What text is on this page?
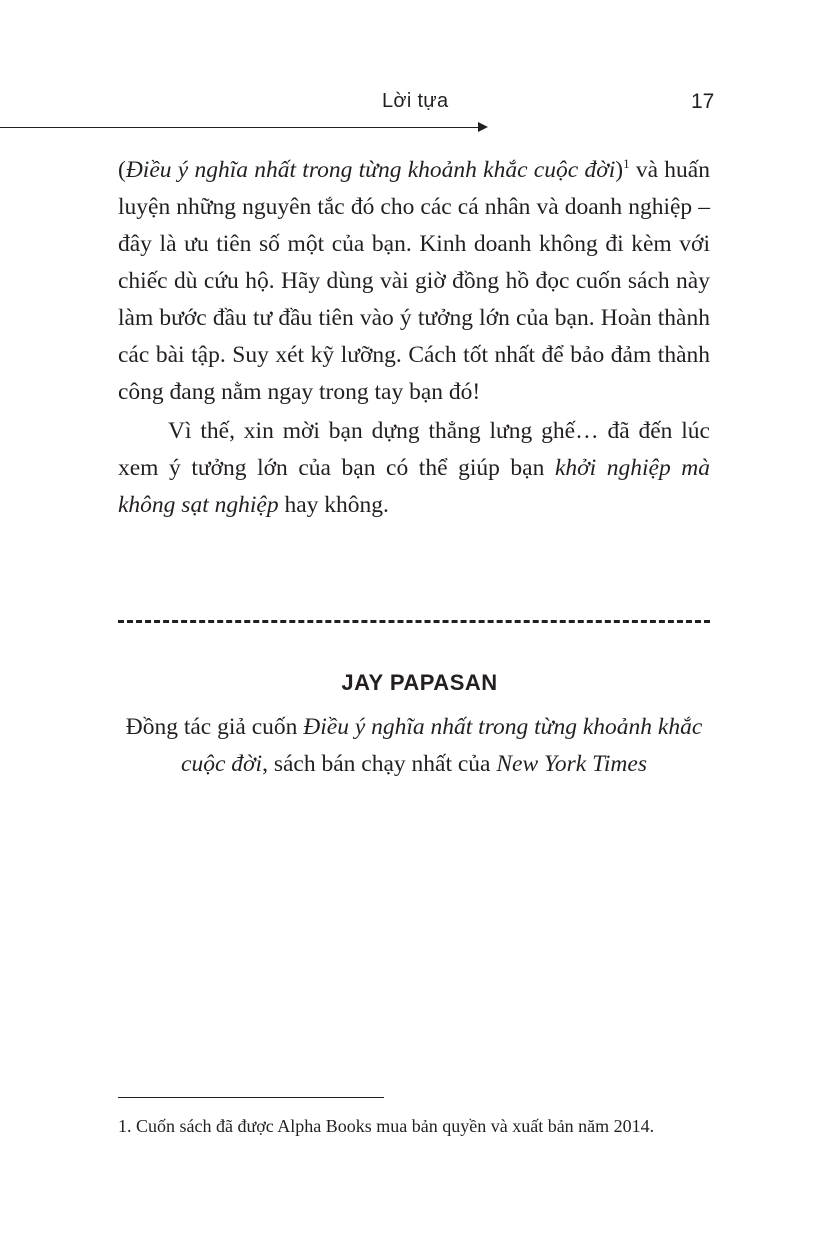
Lời tựa	17

(Điều ý nghĩa nhất trong từng khoảnh khắc cuộc đời)$^1$ và huấn luyện những nguyên tắc đó cho các cá nhân và doanh nghiệp – đây là ưu tiên số một của bạn. Kinh doanh không đi kèm với chiếc dù cứu hộ. Hãy dùng vài giờ đồng hồ đọc cuốn sách này làm bước đầu tư đầu tiên vào ý tưởng lớn của bạn. Hoàn thành các bài tập. Suy xét kỹ lưỡng. Cách tốt nhất để bảo đảm thành công đang nằm ngay trong tay bạn đó!

Vì thế, xin mời bạn dựng thẳng lưng ghế… đã đến lúc xem ý tưởng lớn của bạn có thể giúp bạn khởi nghiệp mà không sạt nghiệp hay không.

JAY PAPASAN
Đồng tác giả cuốn Điều ý nghĩa nhất trong từng khoảnh khắc cuộc đời, sách bán chạy nhất của New York Times
1. Cuốn sách đã được Alpha Books mua bản quyền và xuất bản năm 2014.
